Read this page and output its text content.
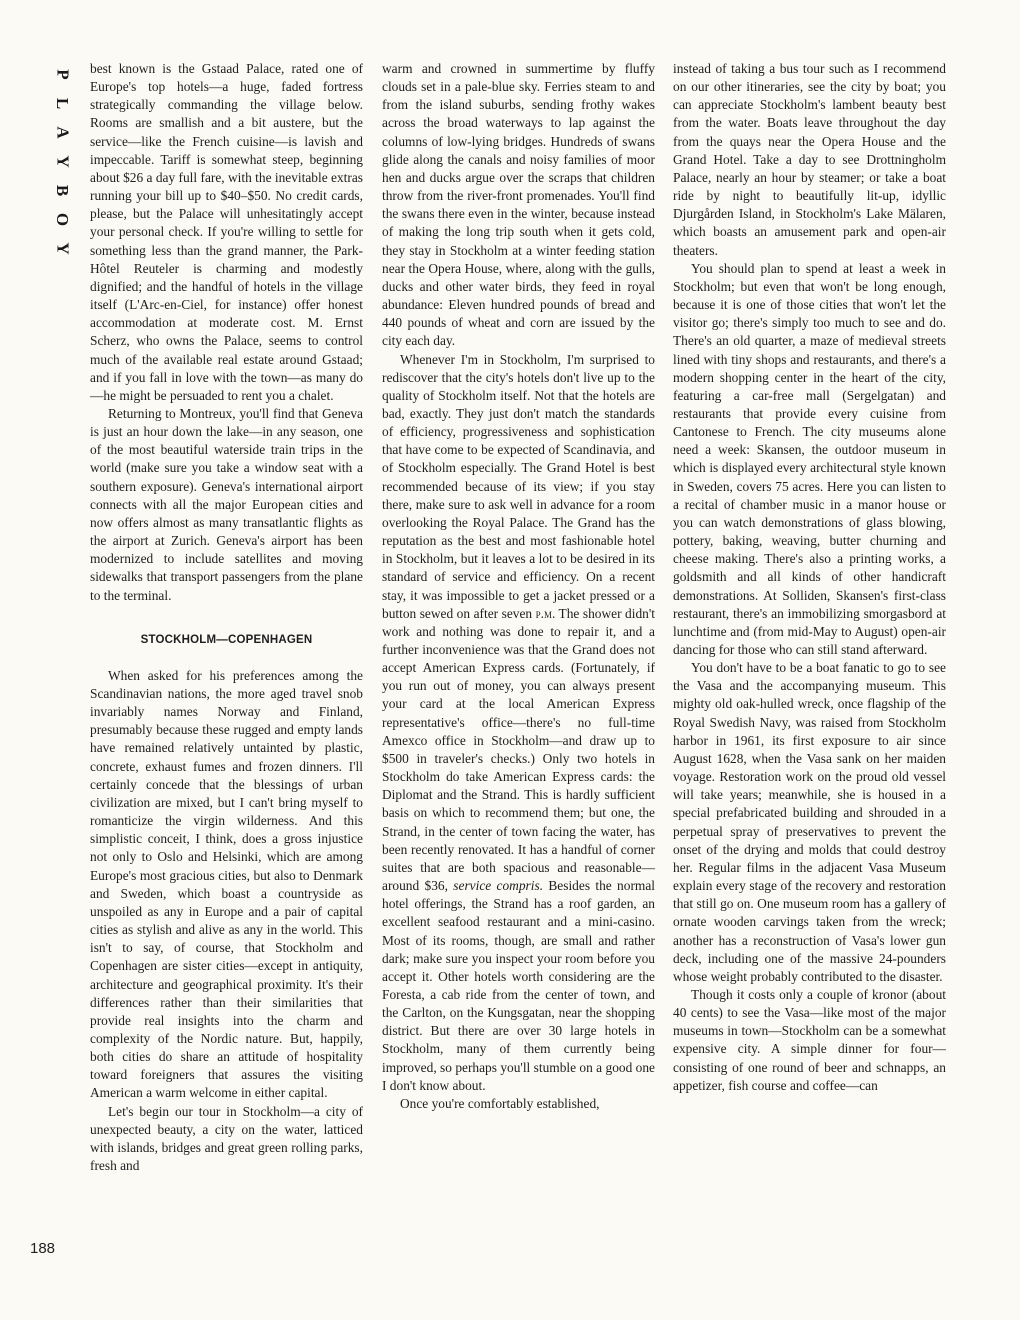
P
L
A
Y
B
O
Y
188

best known is the Gstaad Palace, rated one of Europe's top hotels—a huge, faded fortress strategically commanding the village below. Rooms are smallish and a bit austere, but the service—like the French cuisine—is lavish and impeccable. Tariff is somewhat steep, beginning about $26 a day full fare, with the inevitable extras running your bill up to $40–$50. No credit cards, please, but the Palace will unhesitatingly accept your personal check. If you're willing to settle for something less than the grand manner, the Park-Hôtel Reuteler is charming and modestly dignified; and the handful of hotels in the village itself (L'Arc-en-Ciel, for instance) offer honest accommodation at moderate cost. M. Ernst Scherz, who owns the Palace, seems to control much of the available real estate around Gstaad; and if you fall in love with the town—as many do—he might be persuaded to rent you a chalet.

Returning to Montreux, you'll find that Geneva is just an hour down the lake—in any season, one of the most beautiful waterside train trips in the world (make sure you take a window seat with a southern exposure). Geneva's international airport connects with all the major European cities and now offers almost as many transatlantic flights as the airport at Zurich. Geneva's airport has been modernized to include satellites and moving sidewalks that transport passengers from the plane to the terminal.

STOCKHOLM—COPENHAGEN

When asked for his preferences among the Scandinavian nations, the more aged travel snob invariably names Norway and Finland, presumably because these rugged and empty lands have remained relatively untainted by plastic, concrete, exhaust fumes and frozen dinners. I'll certainly concede that the blessings of urban civilization are mixed, but I can't bring myself to romanticize the virgin wilderness. And this simplistic conceit, I think, does a gross injustice not only to Oslo and Helsinki, which are among Europe's most gracious cities, but also to Denmark and Sweden, which boast a countryside as unspoiled as any in Europe and a pair of capital cities as stylish and alive as any in the world. This isn't to say, of course, that Stockholm and Copenhagen are sister cities—except in antiquity, architecture and geographical proximity. It's their differences rather than their similarities that provide real insights into the charm and complexity of the Nordic nature. But, happily, both cities do share an attitude of hospitality toward foreigners that assures the visiting American a warm welcome in either capital.

Let's begin our tour in Stockholm—a city of unexpected beauty, a city on the water, latticed with islands, bridges and great green rolling parks, fresh and

warm and crowned in summertime by fluffy clouds set in a pale-blue sky. Ferries steam to and from the island suburbs, sending frothy wakes across the broad waterways to lap against the columns of low-lying bridges. Hundreds of swans glide along the canals and noisy families of moor hen and ducks argue over the scraps that children throw from the river-front promenades. You'll find the swans there even in the winter, because instead of making the long trip south when it gets cold, they stay in Stockholm at a winter feeding station near the Opera House, where, along with the gulls, ducks and other water birds, they feed in royal abundance: Eleven hundred pounds of bread and 440 pounds of wheat and corn are issued by the city each day.

Whenever I'm in Stockholm, I'm surprised to rediscover that the city's hotels don't live up to the quality of Stockholm itself. Not that the hotels are bad, exactly. They just don't match the standards of efficiency, progressiveness and sophistication that have come to be expected of Scandinavia, and of Stockholm especially. The Grand Hotel is best recommended because of its view; if you stay there, make sure to ask well in advance for a room overlooking the Royal Palace. The Grand has the reputation as the best and most fashionable hotel in Stockholm, but it leaves a lot to be desired in its standard of service and efficiency. On a recent stay, it was impossible to get a jacket pressed or a button sewed on after seven p.m. The shower didn't work and nothing was done to repair it, and a further inconvenience was that the Grand does not accept American Express cards. (Fortunately, if you run out of money, you can always present your card at the local American Express representative's office—there's no full-time Amexco office in Stockholm—and draw up to $500 in traveler's checks.) Only two hotels in Stockholm do take American Express cards: the Diplomat and the Strand. This is hardly sufficient basis on which to recommend them; but one, the Strand, in the center of town facing the water, has been recently renovated. It has a handful of corner suites that are both spacious and reasonable—around $36, service compris. Besides the normal hotel offerings, the Strand has a roof garden, an excellent seafood restaurant and a mini-casino. Most of its rooms, though, are small and rather dark; make sure you inspect your room before you accept it. Other hotels worth considering are the Foresta, a cab ride from the center of town, and the Carlton, on the Kungsgatan, near the shopping district. But there are over 30 large hotels in Stockholm, many of them currently being improved, so perhaps you'll stumble on a good one I don't know about.

Once you're comfortably established,

instead of taking a bus tour such as I recommend on our other itineraries, see the city by boat; you can appreciate Stockholm's lambent beauty best from the water. Boats leave throughout the day from the quays near the Opera House and the Grand Hotel. Take a day to see Drottningholm Palace, nearly an hour by steamer; or take a boat ride by night to beautifully lit-up, idyllic Djurgården Island, in Stockholm's Lake Mälaren, which boasts an amusement park and open-air theaters.

You should plan to spend at least a week in Stockholm; but even that won't be long enough, because it is one of those cities that won't let the visitor go; there's simply too much to see and do. There's an old quarter, a maze of medieval streets lined with tiny shops and restaurants, and there's a modern shopping center in the heart of the city, featuring a car-free mall (Sergelgatan) and restaurants that provide every cuisine from Cantonese to French. The city museums alone need a week: Skansen, the outdoor museum in which is displayed every architectural style known in Sweden, covers 75 acres. Here you can listen to a recital of chamber music in a manor house or you can watch demonstrations of glass blowing, pottery, baking, weaving, butter churning and cheese making. There's also a printing works, a goldsmith and all kinds of other handicraft demonstrations. At Solliden, Skansen's first-class restaurant, there's an immobilizing smorgasbord at lunchtime and (from mid-May to August) open-air dancing for those who can still stand afterward.

You don't have to be a boat fanatic to go to see the Vasa and the accompanying museum. This mighty old oak-hulled wreck, once flagship of the Royal Swedish Navy, was raised from Stockholm harbor in 1961, its first exposure to air since August 1628, when the Vasa sank on her maiden voyage. Restoration work on the proud old vessel will take years; meanwhile, she is housed in a special prefabricated building and shrouded in a perpetual spray of preservatives to prevent the onset of the drying and molds that could destroy her. Regular films in the adjacent Vasa Museum explain every stage of the recovery and restoration that still go on. One museum room has a gallery of ornate wooden carvings taken from the wreck; another has a reconstruction of Vasa's lower gun deck, including one of the massive 24-pounders whose weight probably contributed to the disaster.

Though it costs only a couple of kronor (about 40 cents) to see the Vasa—like most of the major museums in town—Stockholm can be a somewhat expensive city. A simple dinner for four—consisting of one round of beer and schnapps, an appetizer, fish course and coffee—can
